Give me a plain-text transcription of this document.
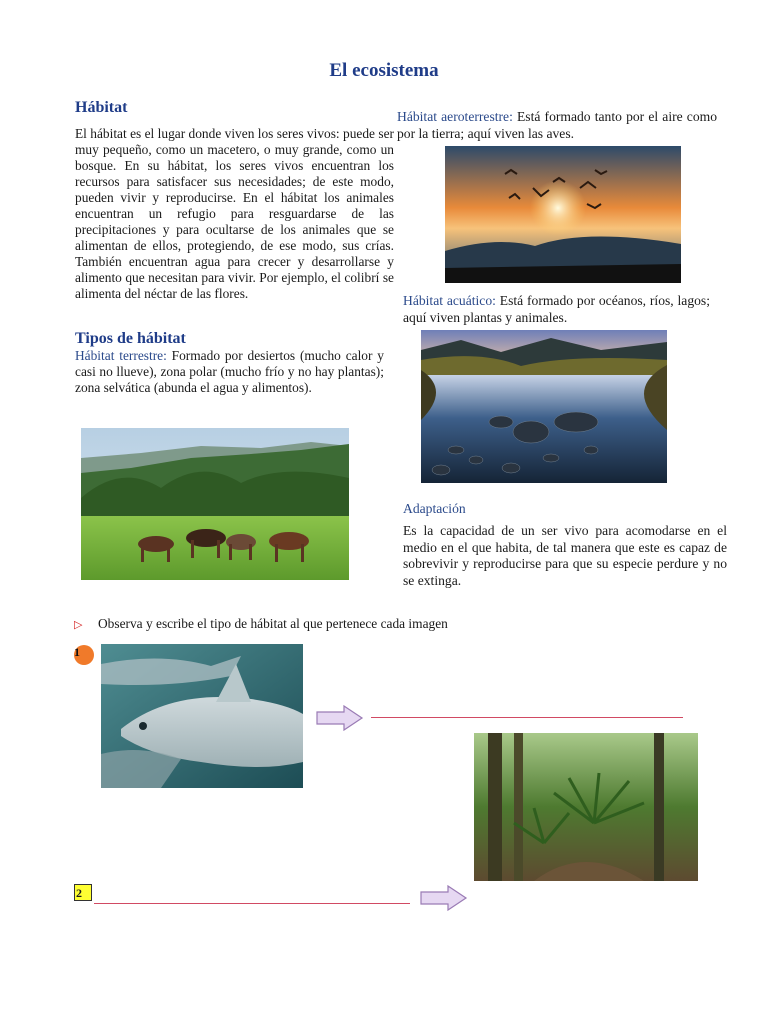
El ecosistema
Hábitat
El hábitat es el lugar donde viven los seres vivos: puede ser muy pequeño, como un macetero, o muy grande, como un bosque. En su hábitat, los seres vivos encuentran los recursos para satisfacer sus necesidades; de este modo, pueden vivir y reproducirse. En el hábitat los animales encuentran un refugio para resguardarse de las precipitaciones y para ocultarse de los animales que se alimentan de ellos, protegiendo, de ese modo, sus crías. También encuentran agua para crecer y desarrollarse y alimento que necesitan para vivir. Por ejemplo, el colibrí se alimenta del néctar de las flores.
Tipos de hábitat
Hábitat terrestre: Formado por desiertos (mucho calor y casi no llueve), zona polar (mucho frío y no hay plantas); zona selvática (abunda el agua y alimentos).
Hábitat aeroterrestre: Está formado tanto por el aire como por la tierra; aquí viven las aves.
Hábitat acuático: Está formado por océanos, ríos, lagos; aquí viven plantas y animales.
Adaptación
Es la capacidad de un ser vivo para acomodarse en el medio en el que habita, de tal manera que este es capaz de sobrevivir y reproducirse para que su especie perdure y no se extinga.
▷ Observa y escribe el tipo de hábitat al que pertenece cada imagen
1
2
